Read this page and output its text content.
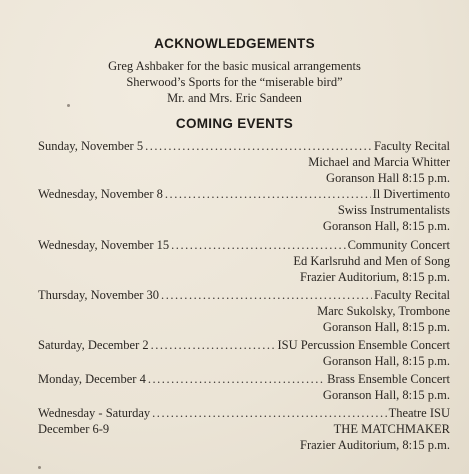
ACKNOWLEDGEMENTS
Greg Ashbaker for the basic musical arrangements
Sherwood’s Sports for the “miserable bird”
Mr. and Mrs. Eric Sandeen
COMING EVENTS
Sunday, November 5 . . .	Faculty Recital
Michael and Marcia Whitter
Goranson Hall 8:15 p.m.
Wednesday, November 8 . . .	Il Divertimento
Swiss Instrumentalists
Goranson Hall, 8:15 p.m.
Wednesday, November 15 . . .	Community Concert
Ed Karlsruhd and Men of Song
Frazier Auditorium, 8:15 p.m.
Thursday, November 30 . . .	Faculty Recital
Marc Sukolsky, Trombone
Goranson Hall, 8:15 p.m.
Saturday, December 2 . . .	ISU Percussion Ensemble Concert
Goranson Hall, 8:15 p.m.
Monday, December 4 . . .	Brass Ensemble Concert
Goranson Hall, 8:15 p.m.
Wednesday - Saturday . . .	Theatre ISU
December 6-9	THE MATCHMAKER
Frazier Auditorium, 8:15 p.m.
